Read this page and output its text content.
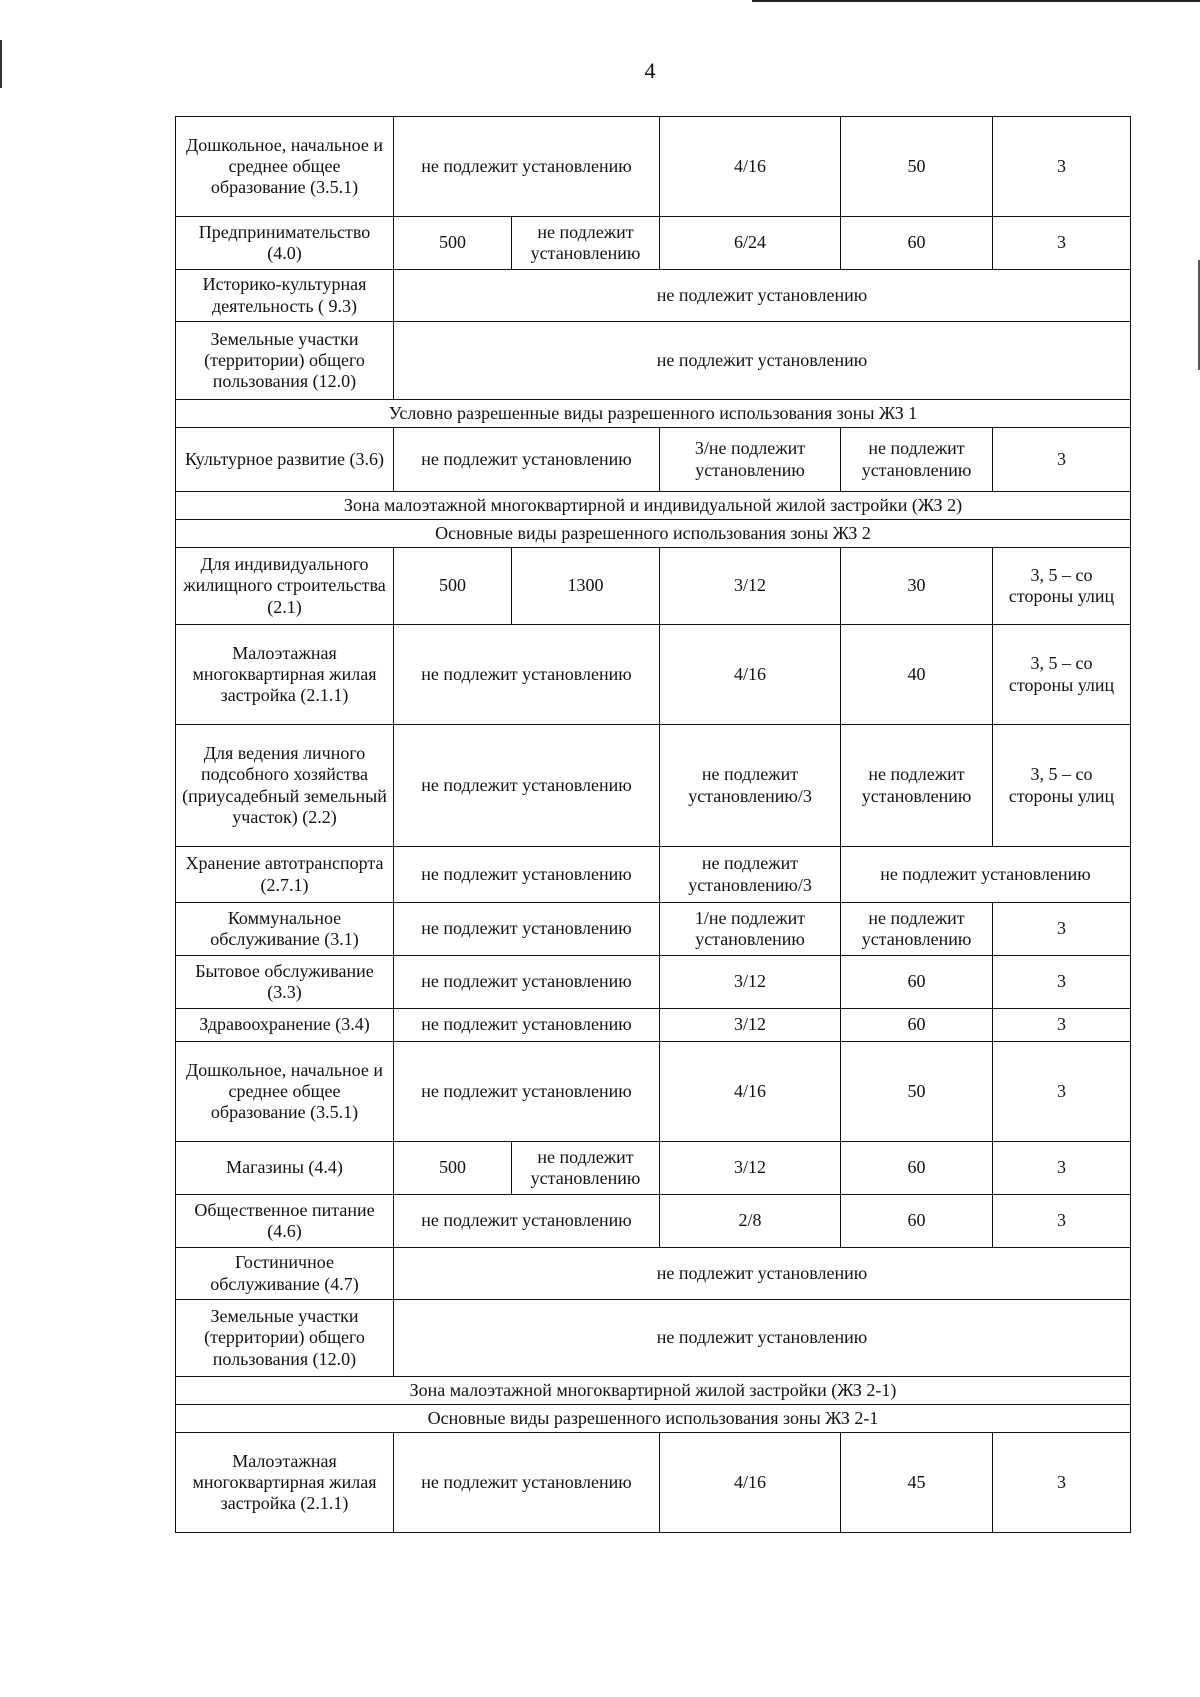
4
Дошкольное, начальное и среднее общее образование (3.5.1)	не подлежит установлению		4/16	50	3
Предпринимательство (4.0)	500	не подлежит установлению	6/24	60	3
Историко-культурная деятельность ( 9.3)	не подлежит установлению				
Земельные участки (территории) общего пользования (12.0)	не подлежит установлению				
Условно разрешенные виды разрешенного использования зоны ЖЗ 1					
Культурное развитие (3.6)	не подлежит установлению		3/не подлежит установлению	не подлежит установлению	3
Зона малоэтажной многоквартирной и индивидуальной жилой застройки (ЖЗ 2)					
Основные виды разрешенного использования зоны ЖЗ 2					
Для индивидуального жилищного строительства (2.1)	500	1300	3/12	30	3, 5 – со стороны улиц
Малоэтажная многоквартирная жилая застройка (2.1.1)	не подлежит установлению		4/16	40	3, 5 – со стороны улиц
Для ведения личного подсобного хозяйства (приусадебный земельный участок) (2.2)	не подлежит установлению		не подлежит установлению/3	не подлежит установлению	3, 5 – со стороны улиц
Хранение автотранспорта (2.7.1)	не подлежит установлению		не подлежит установлению/3	не подлежит установлению	
Коммунальное обслуживание (3.1)	не подлежит установлению		1/не подлежит установлению	не подлежит установлению	3
Бытовое обслуживание (3.3)	не подлежит установлению		3/12	60	3
Здравоохранение (3.4)	не подлежит установлению		3/12	60	3
Дошкольное, начальное и среднее общее образование (3.5.1)	не подлежит установлению		4/16	50	3
Магазины (4.4)	500	не подлежит установлению	3/12	60	3
Общественное питание (4.6)	не подлежит установлению		2/8	60	3
Гостиничное обслуживание (4.7)	не подлежит установлению				
Земельные участки (территории) общего пользования (12.0)	не подлежит установлению				
Зона малоэтажной многоквартирной жилой застройки (ЖЗ 2-1)					
Основные виды разрешенного использования зоны ЖЗ 2-1					
Малоэтажная многоквартирная жилая застройка (2.1.1)	не подлежит установлению		4/16	45	3
